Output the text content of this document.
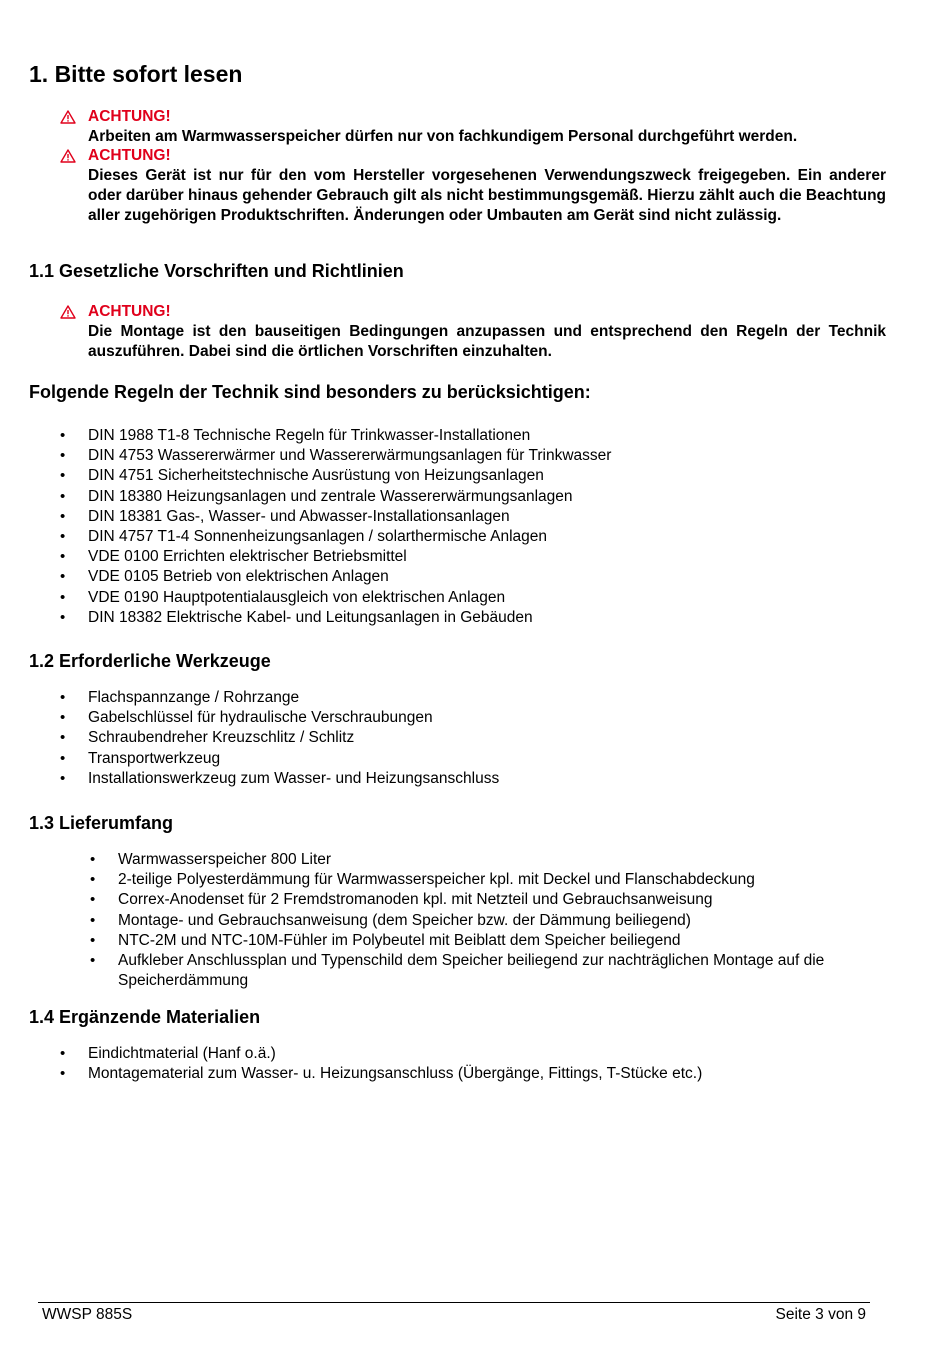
1. Bitte sofort lesen
ACHTUNG!
Arbeiten am Warmwasserspeicher dürfen nur von fachkundigem Personal durchgeführt werden.
ACHTUNG!
Dieses Gerät ist nur für den vom Hersteller vorgesehenen Verwendungszweck freigegeben. Ein anderer oder darüber hinaus gehender Gebrauch gilt als nicht bestimmungsgemäß. Hierzu zählt auch die Beachtung aller zugehörigen Produktschriften. Änderungen oder Umbauten am Gerät sind nicht zulässig.
1.1 Gesetzliche Vorschriften und Richtlinien
ACHTUNG!
Die Montage ist den bauseitigen Bedingungen anzupassen und entsprechend den Regeln der Technik auszuführen. Dabei sind die örtlichen Vorschriften einzuhalten.
Folgende Regeln der Technik sind besonders zu berücksichtigen:
• DIN 1988 T1-8 Technische Regeln für Trinkwasser-Installationen
• DIN 4753 Wassererwärmer und Wassererwärmungsanlagen für Trinkwasser
• DIN 4751 Sicherheitstechnische Ausrüstung von Heizungsanlagen
• DIN 18380 Heizungsanlagen und zentrale Wassererwärmungsanlagen
• DIN 18381 Gas-, Wasser- und Abwasser-Installationsanlagen
• DIN 4757 T1-4 Sonnenheizungsanlagen / solarthermische Anlagen
• VDE 0100 Errichten elektrischer Betriebsmittel
• VDE 0105 Betrieb von elektrischen Anlagen
• VDE 0190 Hauptpotentialausgleich von elektrischen Anlagen
• DIN 18382 Elektrische Kabel- und Leitungsanlagen in Gebäuden
1.2 Erforderliche Werkzeuge
• Flachspannzange / Rohrzange
• Gabelschlüssel für hydraulische Verschraubungen
• Schraubendreher Kreuzschlitz / Schlitz
• Transportwerkzeug
• Installationswerkzeug zum Wasser- und Heizungsanschluss
1.3 Lieferumfang
• Warmwasserspeicher 800 Liter
• 2-teilige Polyesterdämmung für Warmwasserspeicher kpl. mit Deckel und Flanschabdeckung
• Correx-Anodenset für 2 Fremdstromanoden kpl. mit Netzteil und Gebrauchsanweisung
• Montage- und Gebrauchsanweisung (dem Speicher bzw. der Dämmung beiliegend)
• NTC-2M und NTC-10M-Fühler im Polybeutel mit Beiblatt dem Speicher beiliegend
• Aufkleber Anschlussplan und Typenschild dem Speicher beiliegend zur nachträglichen Montage auf die Speicherdämmung
1.4 Ergänzende Materialien
• Eindichtmaterial (Hanf o.ä.)
• Montagematerial zum Wasser- u. Heizungsanschluss (Übergänge, Fittings, T-Stücke etc.)
WWSP 885S	Seite 3 von 9
